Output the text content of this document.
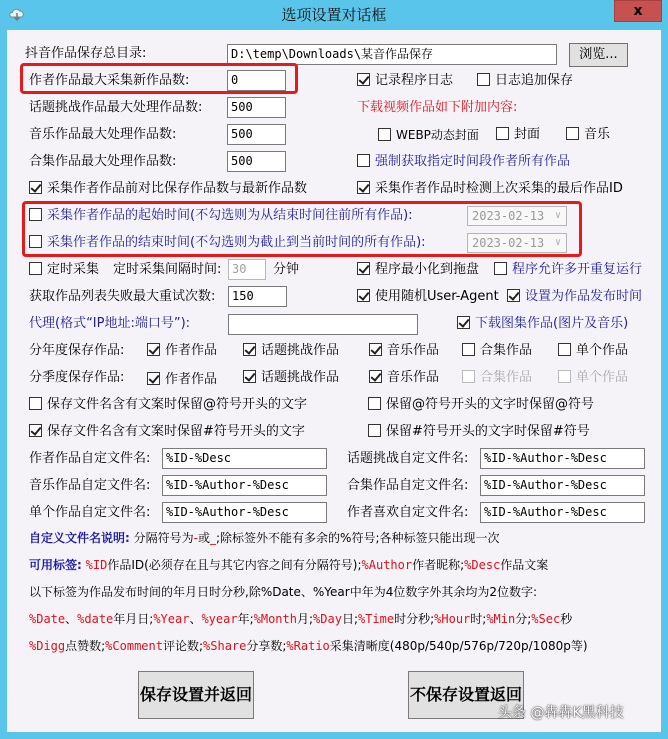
选项设置对话框	x
抖音作品保存总目录:	D:\temp\Downloads\某音作品保存	浏览...
作者作品最大采集新作品数:	0	记录程序日志	日志追加保存
话题挑战作品最大处理作品数:	500	下载视频作品如下附加内容:
音乐作品最大处理作品数:	500	WEBP动态封面	封面	音乐
合集作品最大处理作品数:	500	强制获取指定时间段作者所有作品
采集作者作品前对比保存作品数与最新作品数	采集作者作品时检测上次采集的最后作品ID
采集作者作品的起始时间(不勾选则为从结束时间往前所有作品):	2023-02-13 ∨
采集作者作品的结束时间(不勾选则为截止到当前时间的所有作品):	2023-02-13 ∨
定时采集 定时采集间隔时间: 30	分钟	程序最小化到拖盘	程序允许多开重复运行
获取作品列表失败最大重试次数:	150	使用随机User-Agent	设置为作品发布时间
代理(格式“IP地址:端口号”):	下载图集作品(图片及音乐)
分年度保存作品:	作者作品	话题挑战作品	音乐作品	合集作品	单个作品
分季度保存作品:	作者作品	话题挑战作品	音乐作品	合集作品	单个作品
保存文件名含有文案时保留@符号开头的文字	保留@符号开头的文字时保留@符号
保存文件名含有文案时保留#符号开头的文字	保留#符号开头的文字时保留#符号
作者作品自定文件名:	%ID-%Desc	话题挑战自定文件名:	%ID-%Author-%Desc
音乐作品自定文件名:	%ID-%Author-%Desc	合集作品自定文件名:	%ID-%Author-%Desc
单个作品自定文件名:	%ID-%Author-%Desc	作者喜欢自定文件名:	%ID-%Author-%Desc
自定义文件名说明: 分隔符号为-或_;除标签外不能有多余的%符号;各种标签只能出现一次
可用标签: %ID作品ID(必须存在且与其它内容之间有分隔符号);%Author作者昵称;%Desc作品文案
以下标签为作品发布时间的年月日时分秒,除%Date、%Year中年为4位数字外其余均为2位数字:
%Date、%date年月日;%Year、%year年;%Month月;%Day日;%Time时分秒;%Hour时;%Min分;%Sec秒
%Digg点赞数;%Comment评论数;%Share分享数;%Ratio采集清晰度(480p/540p/576p/720p/1080p等)
保存设置并返回	不保存设置返回
头条 @犇犇K黑科技
